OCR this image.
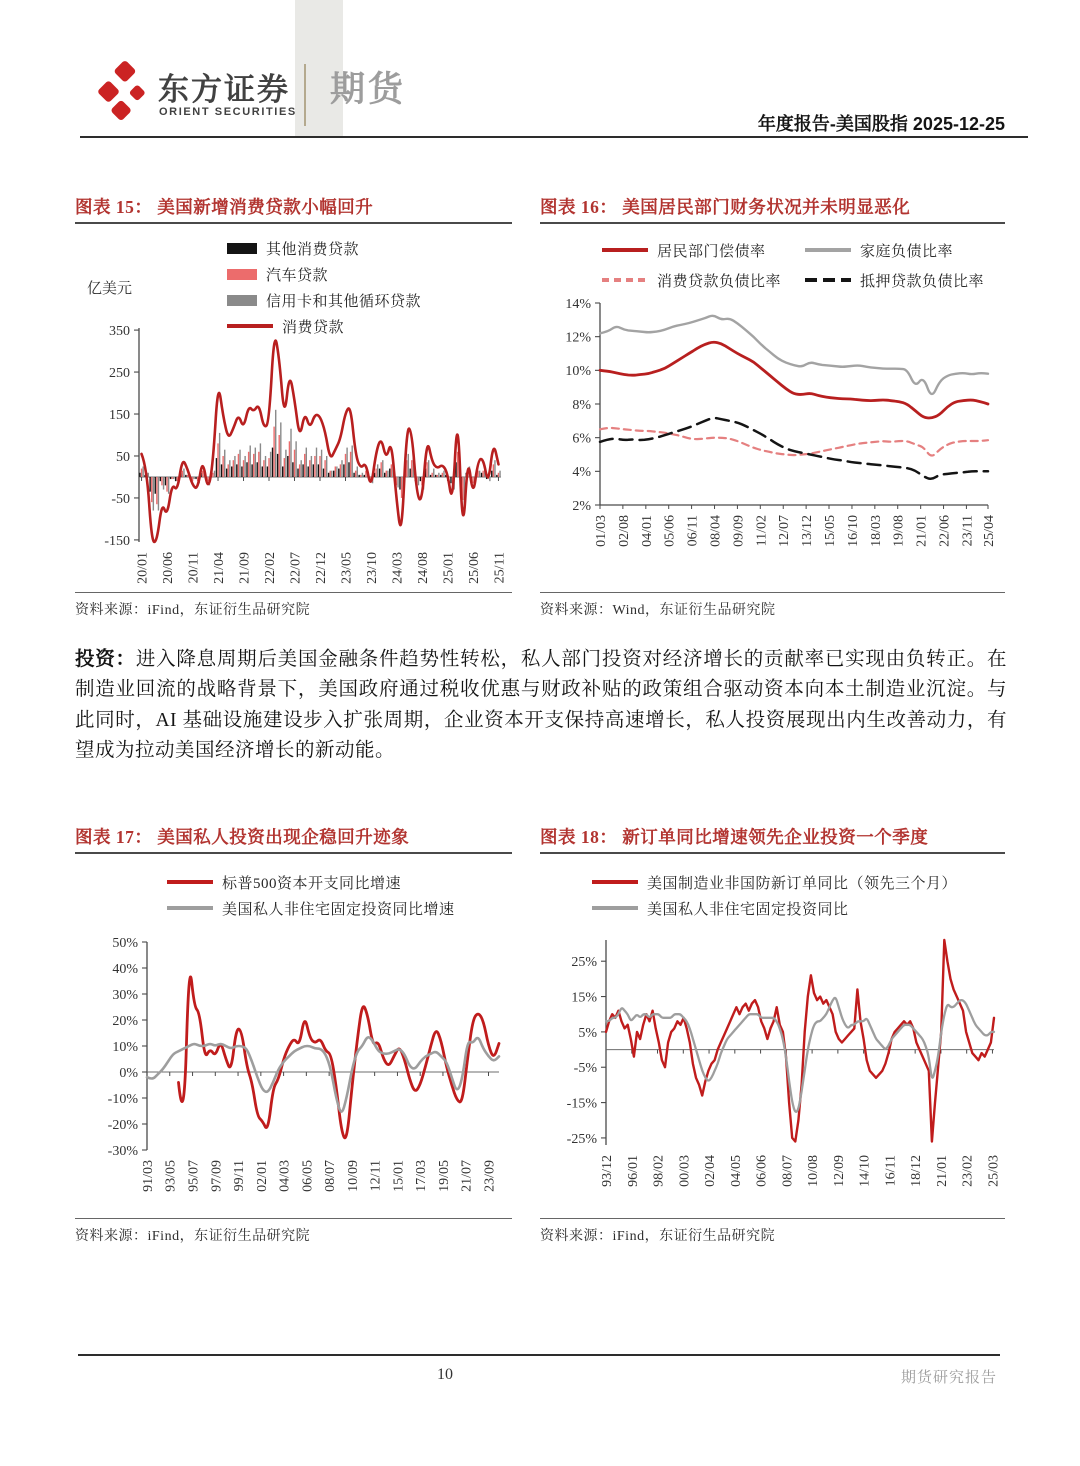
东方证券
ORIENT SECURITIES
期货
年度报告-美国股指 2025-12-25
图表 15： 美国新增消费贷款小幅回升
亿美元
其他消费贷款
汽车贷款
信用卡和其他循环贷款
消费贷款
350
250
150
50
-50
-150
20/01 20/06 20/11 21/04 21/09 22/02 22/07 22/12 23/05 23/10 24/03 24/08 25/01 25/06 25/11
资料来源：iFind，东证衍生品研究院
图表 16： 美国居民部门财务状况并未明显恶化
居民部门偿债率	家庭负债比率
消费贷款负债比率	抵押贷款负债比率
14%
12%
10%
8%
6%
4%
2%
01/03 02/08 04/01 05/06 06/11 08/04 09/09 11/02 12/07 13/12 15/05 16/10 18/03 19/08 21/01 22/06 23/11 25/04
资料来源：Wind，东证衍生品研究院
投资：进入降息周期后美国金融条件趋势性转松，私人部门投资对经济增长的贡献率已实现由负转正。在制造业回流的战略背景下，美国政府通过税收优惠与财政补贴的政策组合驱动资本向本土制造业沉淀。与此同时，AI 基础设施建设步入扩张周期，企业资本开支保持高速增长，私人投资展现出内生改善动力，有望成为拉动美国经济增长的新动能。
图表 17： 美国私人投资出现企稳回升迹象
标普500资本开支同比增速
美国私人非住宅固定投资同比增速
50%
40%
30%
20%
10%
0%
-10%
-20%
-30%
91/03 93/05 95/07 97/09 99/11 02/01 04/03 06/05 08/07 10/09 12/11 15/01 17/03 19/05 21/07 23/09
资料来源：iFind，东证衍生品研究院
图表 18： 新订单同比增速领先企业投资一个季度
美国制造业非国防新订单同比（领先三个月）
美国私人非住宅固定投资同比
25%
15%
5%
-5%
-15%
-25%
93/12 96/01 98/02 00/03 02/04 04/05 06/06 08/07 10/08 12/09 14/10 16/11 18/12 21/01 23/02 25/03
资料来源：iFind，东证衍生品研究院
10	期货研究报告
